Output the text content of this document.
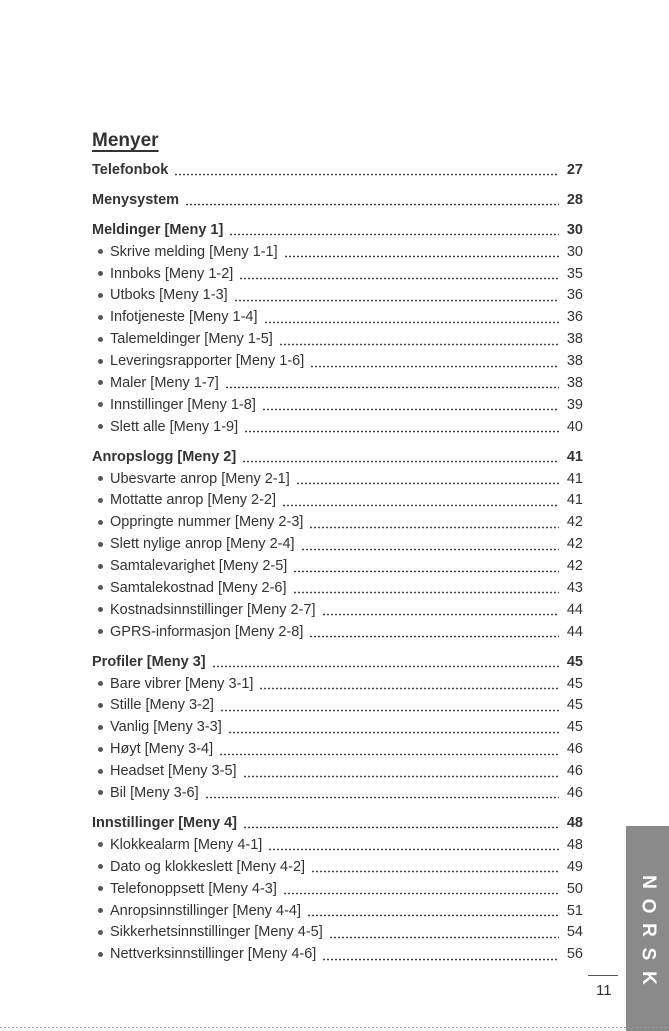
Menyer
Telefonbok	27
Menysystem	28
Meldinger [Meny 1]	30
Skrive melding [Meny 1-1]	30
Innboks [Meny 1-2]	35
Utboks [Meny 1-3]	36
Infotjeneste [Meny 1-4]	36
Talemeldinger [Meny 1-5]	38
Leveringsrapporter [Meny 1-6]	38
Maler [Meny 1-7]	38
Innstillinger [Meny 1-8]	39
Slett alle [Meny 1-9]	40
Anropslogg [Meny 2]	41
Ubesvarte anrop [Meny 2-1]	41
Mottatte anrop [Meny 2-2]	41
Oppringte nummer [Meny 2-3]	42
Slett nylige anrop [Meny 2-4]	42
Samtalevarighet [Meny 2-5]	42
Samtalekostnad [Meny 2-6]	43
Kostnadsinnstillinger [Meny 2-7]	44
GPRS-informasjon [Meny 2-8]	44
Profiler [Meny 3]	45
Bare vibrer [Meny 3-1]	45
Stille [Meny 3-2]	45
Vanlig [Meny 3-3]	45
Høyt [Meny 3-4]	46
Headset [Meny 3-5]	46
Bil [Meny 3-6]	46
Innstillinger [Meny 4]	48
Klokkealarm [Meny 4-1]	48
Dato og klokkeslett [Meny 4-2]	49
Telefonoppsett [Meny 4-3]	50
Anropsinnstillinger [Meny 4-4]	51
Sikkerhetsinnstillinger [Meny 4-5]	54
Nettverksinnstillinger [Meny 4-6]	56
N
O
R
S
K
11
